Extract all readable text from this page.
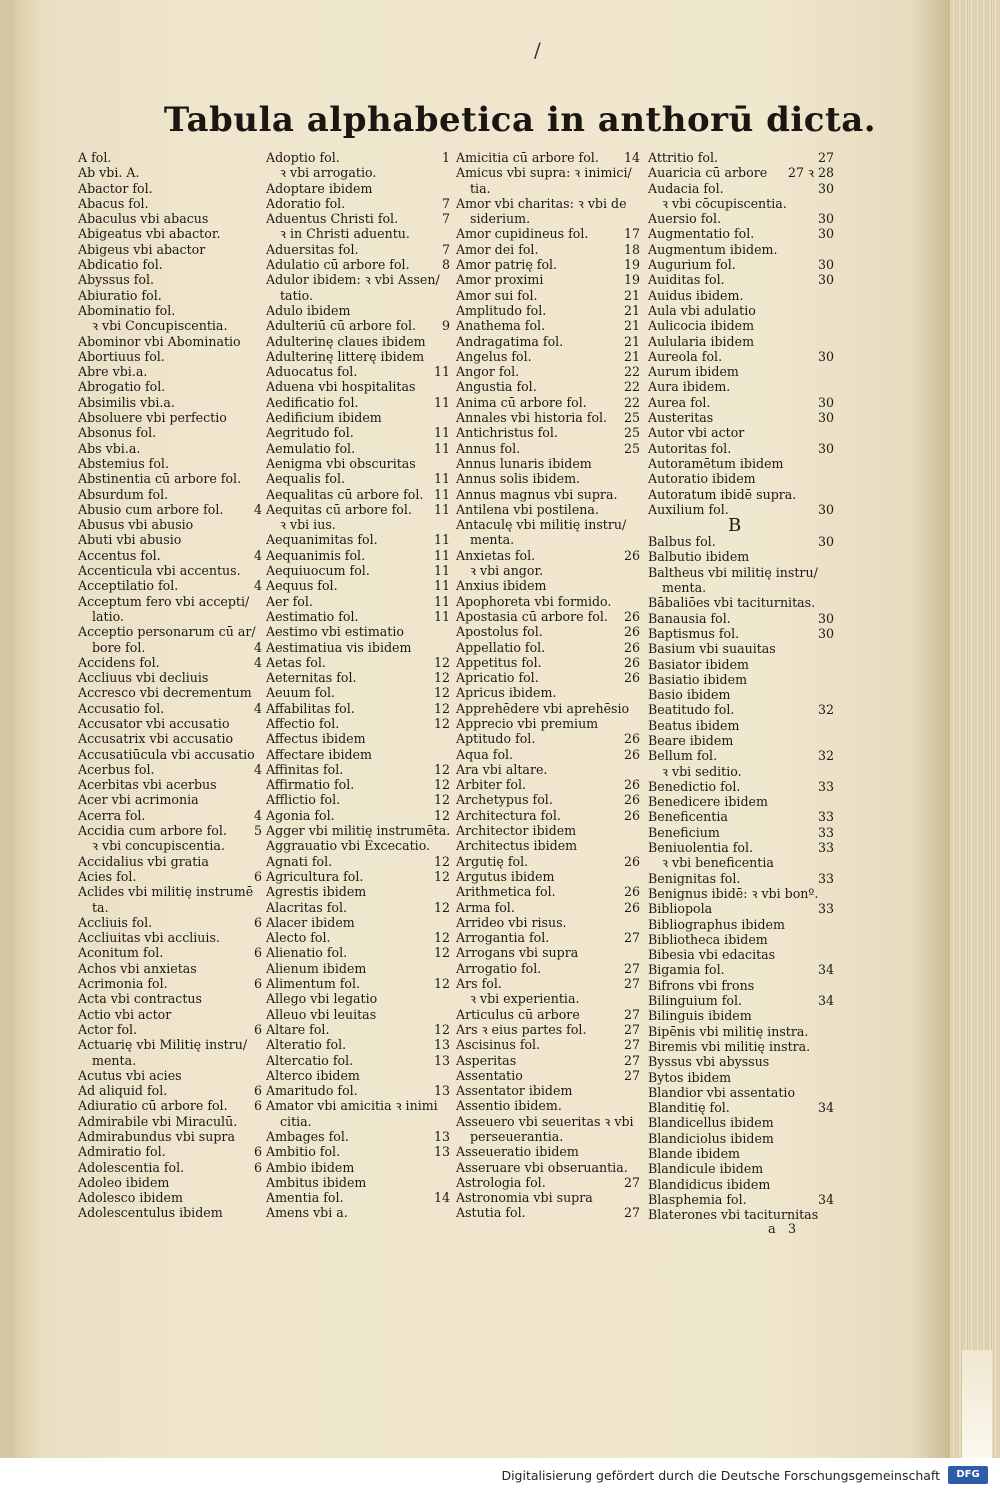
/
Tabula alphabetica in anthorū dicta.
A fol.
Ab vbi. A.
Abactor fol.
Abacus fol.
Abaculus vbi abacus
Abigeatus vbi abactor.
Abigeus vbi abactor
Abdicatio fol.
Abyssus fol.
Abiuratio fol.
Abominatio fol.
ꝛ vbi Concupiscentia.
Abominor vbi Abominatio
Abortiuus fol.
Abre vbi.a.
Abrogatio fol.
Absimilis vbi.a.
Absoluere vbi perfectio
Absonus fol.
Abs vbi.a.
Abstemius fol.
Abstinentia cū arbore fol.
Absurdum fol.
Abusio cum arbore fol. 4
Abusus vbi abusio
Abuti vbi abusio
Accentus fol.	4
Accenticula vbi accentus.
Acceptilatio fol.	4
Acceptum fero vbi accepti/
latio.
Acceptio personarum cū ar/
bore fol.	4
Accidens fol.	4
Accliuus vbi decliuis
Accresco vbi decrementum
Accusatio fol.	4
Accusator vbi accusatio
Accusatrix vbi accusatio
Accusatiūcula vbi accusatio
Acerbus fol.	4
Acerbitas vbi acerbus
Acer vbi acrimonia
Acerra fol.	4
Accidia cum arbore fol. 5
ꝛ vbi concupiscentia.
Accidalius vbi gratia
Acies fol.	6
Aclides vbi militię instrumē
ta.
Accliuis fol.	6
Accliuitas vbi accliuis.
Aconitum fol.	6
Achos vbi anxietas
Acrimonia fol.	6
Acta vbi contractus
Actio vbi actor
Actor fol.	6
Actuarię vbi Militię instru/
menta.
Acutus vbi acies
Ad aliquid fol.	6
Adiuratio cū arbore fol. 6
Admirabile vbi Miraculū.
Admirabundus vbi supra
Admiratio fol.	6
Adolescentia fol.	6
Adoleo ibidem
Adolesco ibidem
Adolescentulus ibidem
Adoptio fol.	1
ꝛ vbi arrogatio.
Adoptare ibidem
Adoratio fol.	7
Aduentus Christi fol.	7
ꝛ in Christi aduentu.
Aduersitas fol.	7
Adulatio cū arbore fol.	8
Adulor ibidem: ꝛ vbi Assen/
tatio.
Adulo ibidem
Adulteriū cū arbore fol. 9
Adulterinę claues ibidem
Adulterinę litterę ibidem
Aduocatus fol.	11
Aduena vbi hospitalitas
Aedificatio fol.	11
Aedificium ibidem
Aegritudo fol.	11
Aemulatio fol.	11
Aenigma vbi obscuritas
Aequalis fol.	11
Aequalitas cū arbore fol. 11
Aequitas cū arbore fol. 11
ꝛ vbi ius.
Aequanimitas fol.	11
Aequanimis fol.	11
Aequiuocum fol.	11
Aequus fol.	11
Aer fol.	11
Aestimatio fol.	11
Aestimo vbi estimatio
Aestimatiua vis ibidem
Aetas fol.	12
Aeternitas fol.	12
Aeuum fol.	12
Affabilitas fol.	12
Affectio fol.	12
Affectus ibidem
Affectare ibidem
Affinitas fol.	12
Affirmatio fol.	12
Afflictio fol.	12
Agonia fol.	12
Agger vbi militię instrumēta.
Aggrauatio vbi Excecatio.
Agnati fol.	12
Agricultura fol.	12
Agrestis ibidem
Alacritas fol.	12
Alacer ibidem
Alecto fol.	12
Alienatio fol.	12
Alienum ibidem
Alimentum fol.	12
Allego vbi legatio
Alleuo vbi leuitas
Altare fol.	12
Alteratio fol.	13
Altercatio fol.	13
Alterco ibidem
Amaritudo fol.	13
Amator vbi amicitia ꝛ inimi
citia.
Ambages fol.	13
Ambitio fol.	13
Ambio ibidem
Ambitus ibidem
Amentia fol.	14
Amens vbi a.
Amicitia cū arbore fol. 14
Amicus vbi supra: ꝛ inimici/
tia.
Amor vbi charitas: ꝛ vbi de
siderium.
Amor cupidineus fol.	17
Amor dei fol.	18
Amor patrię fol.	19
Amor proximi	19
Amor sui fol.	21
Amplitudo fol.	21
Anathema fol.	21
Andragatima fol.	21
Angelus fol.	21
Angor fol.	22
Angustia fol.	22
Anima cū arbore fol.	22
Annales vbi historia fol. 25
Antichristus fol.	25
Annus fol.	25
Annus lunaris ibidem
Annus solis ibidem.
Annus magnus vbi supra.
Antilena vbi postilena.
Antaculę vbi militię instru/
menta.
Anxietas fol.	26
ꝛ vbi angor.
Anxius ibidem
Apophoreta vbi formido.
Apostasia cū arbore fol. 26
Apostolus fol.	26
Appellatio fol.	26
Appetitus fol.	26
Apricatio fol.	26
Apricus ibidem.
Apprehēdere vbi aprehēsio
Apprecio vbi premium
Aptitudo fol.	26
Aqua fol.	26
Ara vbi altare.
Arbiter fol.	26
Archetypus fol.	26
Architectura fol.	26
Architector ibidem
Architectus ibidem
Argutię fol.	26
Argutus ibidem
Arithmetica fol.	26
Arma fol.	26
Arrideo vbi risus.
Arrogantia fol.	27
Arrogans vbi supra
Arrogatio fol.	27
Ars fol.	27
ꝛ vbi experientia.
Articulus cū arbore	27
Ars ꝛ eius partes fol.	27
Ascisinus fol.	27
Asperitas	27
Assentatio	27
Assentator ibidem
Assentio ibidem.
Asseuero vbi seueritas ꝛ vbi
perseuerantia.
Asseueratio ibidem
Asseruare vbi obseruantia.
Astrologia fol.	27
Astronomia vbi supra
Astutia fol.	27
Attritio fol.	27
Auaricia cū arbore 27 ꝛ 28
Audacia fol.	30
ꝛ vbi cōcupiscentia.
Auersio fol.	30
Augmentatio fol.	30
Augmentum ibidem.
Augurium fol.	30
Auiditas fol.	30
Auidus ibidem.
Aula vbi adulatio
Aulicocia ibidem
Aulularia ibidem
Aureola fol.	30
Aurum ibidem
Aura ibidem.
Aurea fol.	30
Austeritas	30
Autor vbi actor
Autoritas fol.	30
Autoramētum ibidem
Autoratio ibidem
Autoratum ibidē supra.
Auxilium fol.	30
B
Balbus fol.	30
Balbutio ibidem
Baltheus vbi militię instru/
menta.
Bābaliōes vbi taciturnitas.
Banausia fol.	30
Baptismus fol.	30
Basium vbi suauitas
Basiator ibidem
Basiatio ibidem
Basio ibidem
Beatitudo fol.	32
Beatus ibidem
Beare ibidem
Bellum fol.	32
ꝛ vbi seditio.
Benedictio fol.	33
Benedicere ibidem
Beneficentia	33
Beneficium	33
Beniuolentia fol.	33
ꝛ vbi beneficentia
Benignitas fol.	33
Benignus ibidē: ꝛ vbi bonº.
Bibliopola	33
Bibliographus ibidem
Bibliotheca ibidem
Bibesia vbi edacitas
Bigamia fol.	34
Bifrons vbi frons
Bilinguium fol.	34
Bilinguis ibidem
Bipēnis vbi militię instra.
Biremis vbi militię instra.
Byssus vbi abyssus
Bytos ibidem
Blandior vbi assentatio
Blanditię fol.	34
Blandicellus ibidem
Blandiciolus ibidem
Blande ibidem
Blandicule ibidem
Blandidicus ibidem
Blasphemia fol.	34
Blaterones vbi taciturnitas
a 3
Digitalisierung gefördert durch die Deutsche Forschungsgemeinschaft	DFG
